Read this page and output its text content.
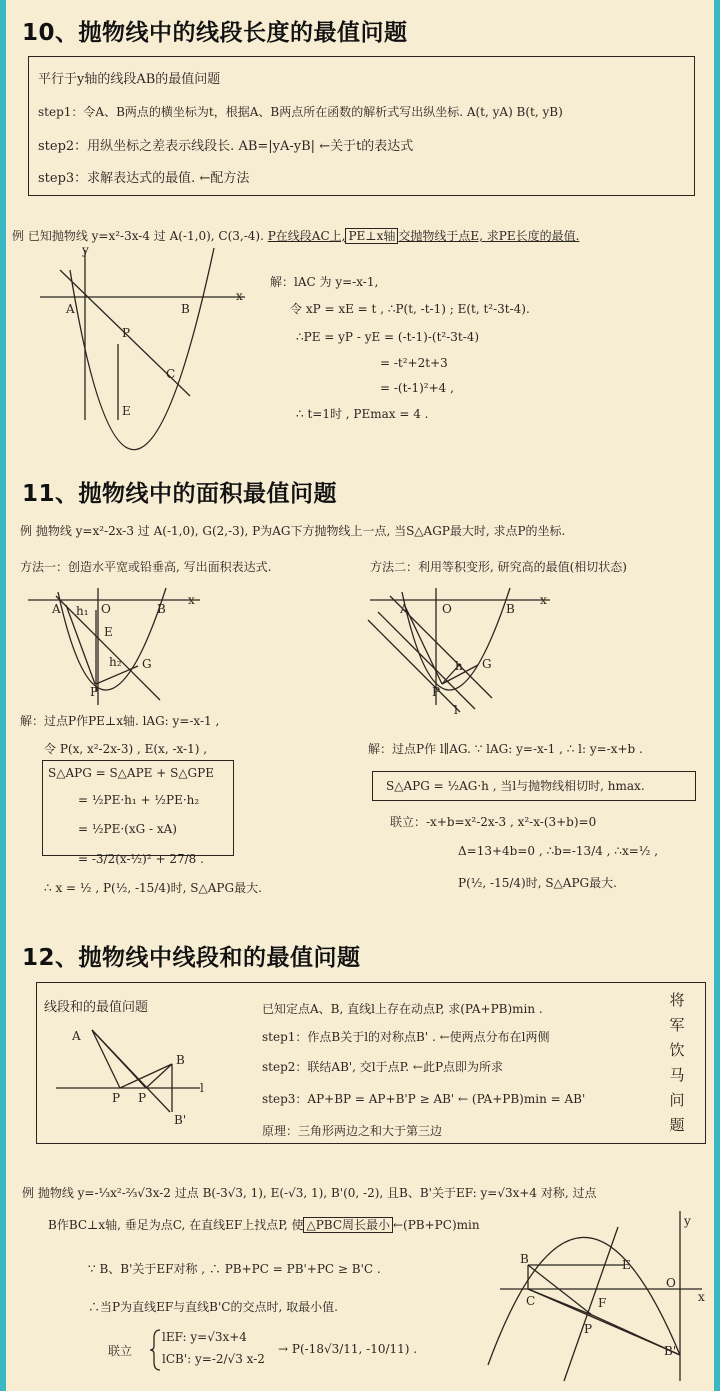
10、抛物线中的线段长度的最值问题
平行于y轴的线段AB的最值问题
step1：令A、B两点的横坐标为t，根据A、B两点所在函数的解析式写出纵坐标. A(t, yA) B(t, yB)
step2：用纵坐标之差表示线段长. AB=|yA-yB| ←关于t的表达式
step3：求解表达式的最值. ←配方法
例 已知抛物线 y=x²-3x-4 过 A(-1,0), C(3,-4). P在线段AC上, PE⊥x轴 交抛物线于点E, 求PE长度的最值.
y
x
A	B
P
C
E
解：lAC 为 y=-x-1,
令 xP = xE = t , ∴P(t, -t-1) ; E(t, t²-3t-4).
∴PE = yP - yE = (-t-1)-(t²-3t-4)
= -t²+2t+3
= -(t-1)²+4 ,
∴ t=1时 , PEmax = 4 .
11、抛物线中的面积最值问题
例 抛物线 y=x²-2x-3 过 A(-1,0), G(2,-3), P为AG下方抛物线上一点, 当S△AGP最大时, 求点P的坐标.
方法一：创造水平宽或铅垂高, 写出面积表达式.	方法二：利用等积变形, 研究高的最值(相切状态)
x
A	O	B
h₁
E
h₂ G
P
x
A	O	B
h G
P
l
解：过点P作PE⊥x轴. lAG: y=-x-1 ,
令 P(x, x²-2x-3) , E(x, -x-1) ,
S△APG = S△APE + S△GPE
= ½PE·h₁ + ½PE·h₂
= ½PE·(xG - xA)
= -3/2(x-½)² + 27/8 .
∴ x = ½ , P(½, -15/4)时, S△APG最大.
解：过点P作 l∥AG. ∵ lAG: y=-x-1 , ∴ l: y=-x+b .
S△APG = ½AG·h , 当l与抛物线相切时, hmax.
联立：-x+b=x²-2x-3 , x²-x-(3+b)=0
Δ=13+4b=0 , ∴b=-13/4 , ∴x=½ ,
P(½, -15/4)时, S△APG最大.
12、抛物线中线段和的最值问题
线段和的最值问题
A
B
l
P P
B'
已知定点A、B, 直线l上存在动点P, 求(PA+PB)min .
step1：作点B关于l的对称点B' . ←使两点分布在l两侧
step2：联结AB', 交l于点P. ←此P点即为所求
step3：AP+BP = AP+B'P ≥ AB' ← (PA+PB)min = AB'
原理：三角形两边之和大于第三边
将
军
饮
马
问
题
例 抛物线 y=-⅓x²-⅔√3x-2 过点 B(-3√3, 1), E(-√3, 1), B'(0, -2), 且B、B'关于EF: y=√3x+4 对称, 过点
B作BC⊥x轴, 垂足为点C, 在直线EF上找点P, 使 △PBC周长最小 ←(PB+PC)min
∵ B、B'关于EF对称 , ∴ PB+PC = PB'+PC ≥ B'C .
∴当P为直线EF与直线B'C的交点时, 取最小值.
联立
lEF: y=√3x+4
lCB': y=-2/√3 x-2
→ P(-18√3/11, -10/11) .
y
x
B	E
C	F
O
P
B'
